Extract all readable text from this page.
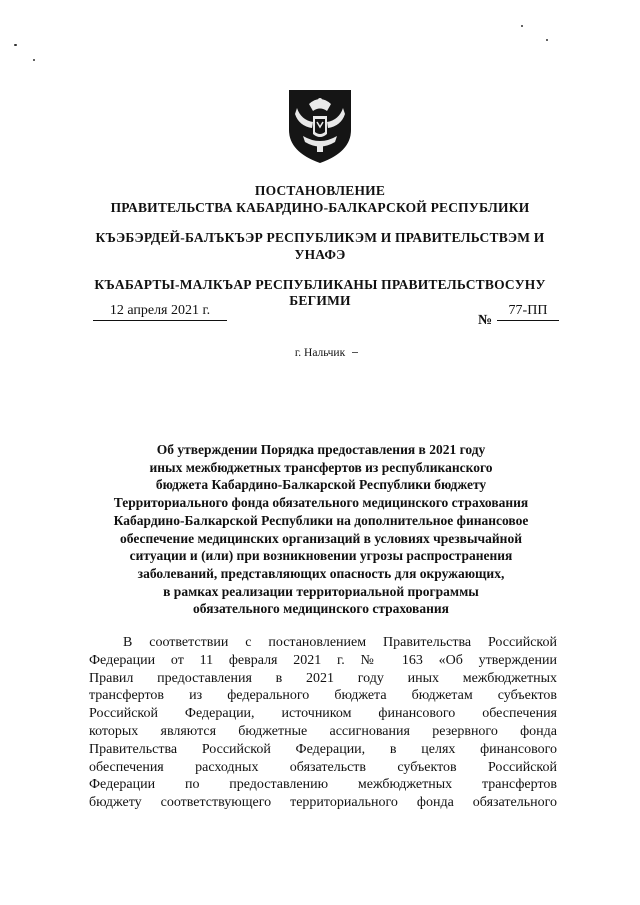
ПОСТАНОВЛЕНИЕ
ПРАВИТЕЛЬСТВА КАБАРДИНО-БАЛКАРСКОЙ РЕСПУБЛИКИ
КЪЭБЭРДЕЙ-БАЛЪКЪЭР РЕСПУБЛИКЭМ И ПРАВИТЕЛЬСТВЭМ И
УНАФЭ
КЪАБАРТЫ-МАЛКЪАР РЕСПУБЛИКАНЫ ПРАВИТЕЛЬСТВОСУНУ
БЕГИМИ
12 апреля 2021 г.
№
77-ПП
г. Нальчик
Об утверждении Порядка предоставления в 2021 году
иных межбюджетных трансфертов из республиканского
бюджета Кабардино-Балкарской Республики бюджету
Территориального фонда обязательного медицинского страхования
Кабардино-Балкарской Республики на дополнительное финансовое
обеспечение медицинских организаций в условиях чрезвычайной
ситуации и (или) при возникновении угрозы распространения
заболеваний, представляющих опасность для окружающих,
в рамках реализации территориальной программы
обязательного медицинского страхования
В соответствии с постановлением Правительства Российской
Федерации от 11 февраля 2021 г. № 163 «Об утверждении
Правил предоставления в 2021 году иных межбюджетных
трансфертов из федерального бюджета бюджетам субъектов
Российской Федерации, источником финансового обеспечения
которых являются бюджетные ассигнования резервного фонда
Правительства Российской Федерации, в целях финансового
обеспечения расходных обязательств субъектов Российской
Федерации по предоставлению межбюджетных трансфертов
бюджету соответствующего территориального фонда обязательного
